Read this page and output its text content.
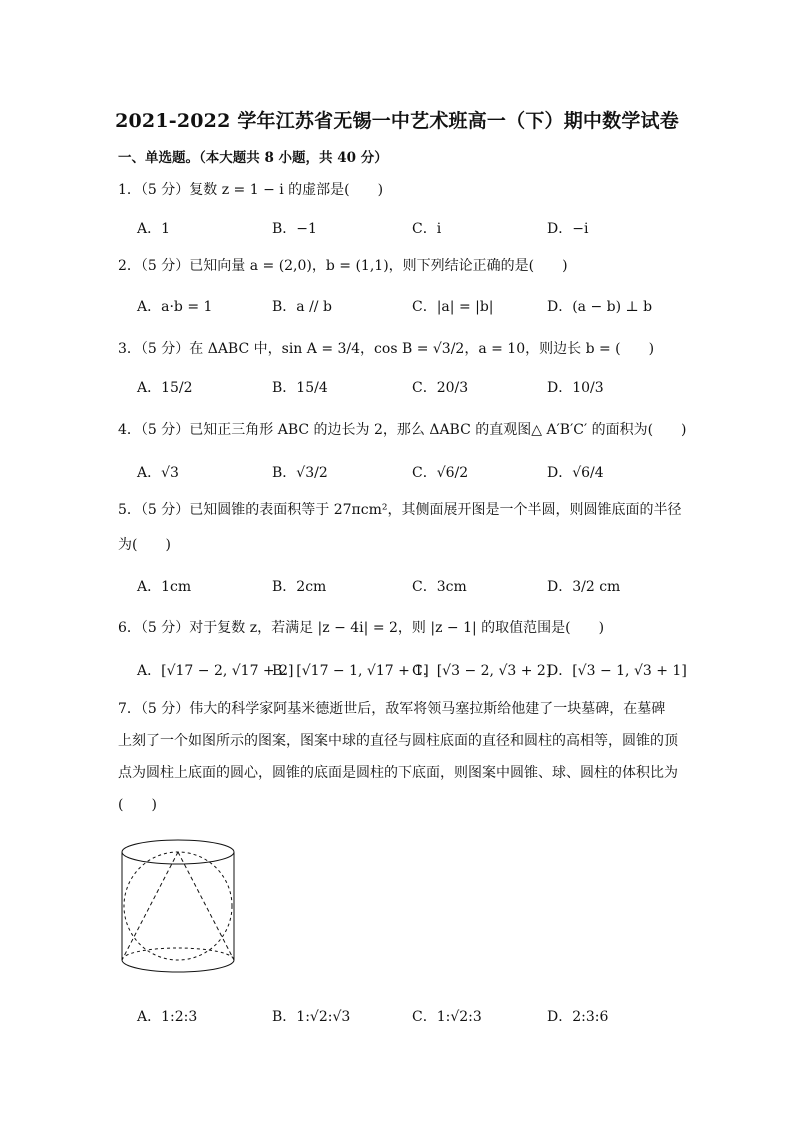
2021-2022 学年江苏省无锡一中艺术班高一（下）期中数学试卷
一、单选题。（本大题共 8 小题，共 40 分）
1．（5 分）复数 z = 1 − i 的虚部是(　　)
A．1	B．−1	C．i	D．−i
2．（5 分）已知向量 a = (2,0)，b = (1,1)，则下列结论正确的是(　　)
A．a·b = 1	B．a // b	C．|a| = |b|	D．(a − b) ⊥ b
3．（5 分）在 ΔABC 中，sin A = 3/4，cos B = √3/2，a = 10，则边长 b = (　　)
A．15/2	B．15/4	C．20/3	D．10/3
4．（5 分）已知正三角形 ABC 的边长为 2，那么 ΔABC 的直观图△ A′B′C′ 的面积为(　　)
A．√3	B．√3/2	C．√6/2	D．√6/4
5．（5 分）已知圆锥的表面积等于 27πcm²，其侧面展开图是一个半圆，则圆锥底面的半径
为(　　)
A．1cm	B．2cm	C．3cm	D．3/2 cm
6．（5 分）对于复数 z，若满足 |z − 4i| = 2，则 |z − 1| 的取值范围是(　　)
A．[√17 − 2, √17 + 2]
B．[√17 − 1, √17 + 1]
C．[√3 − 2, √3 + 2]
D．[√3 − 1, √3 + 1]
7．（5 分）伟大的科学家阿基米德逝世后，敌军将领马塞拉斯给他建了一块墓碑，在墓碑上刻了一个如图所示的图案，图案中球的直径与圆柱底面的直径和圆柱的高相等，圆锥的顶点为圆柱上底面的圆心，圆锥的底面是圆柱的下底面，则图案中圆锥、球、圆柱的体积比为(　　)
A．1:2:3	B．1:√2:√3	C．1:√2:3	D．2:3:6
